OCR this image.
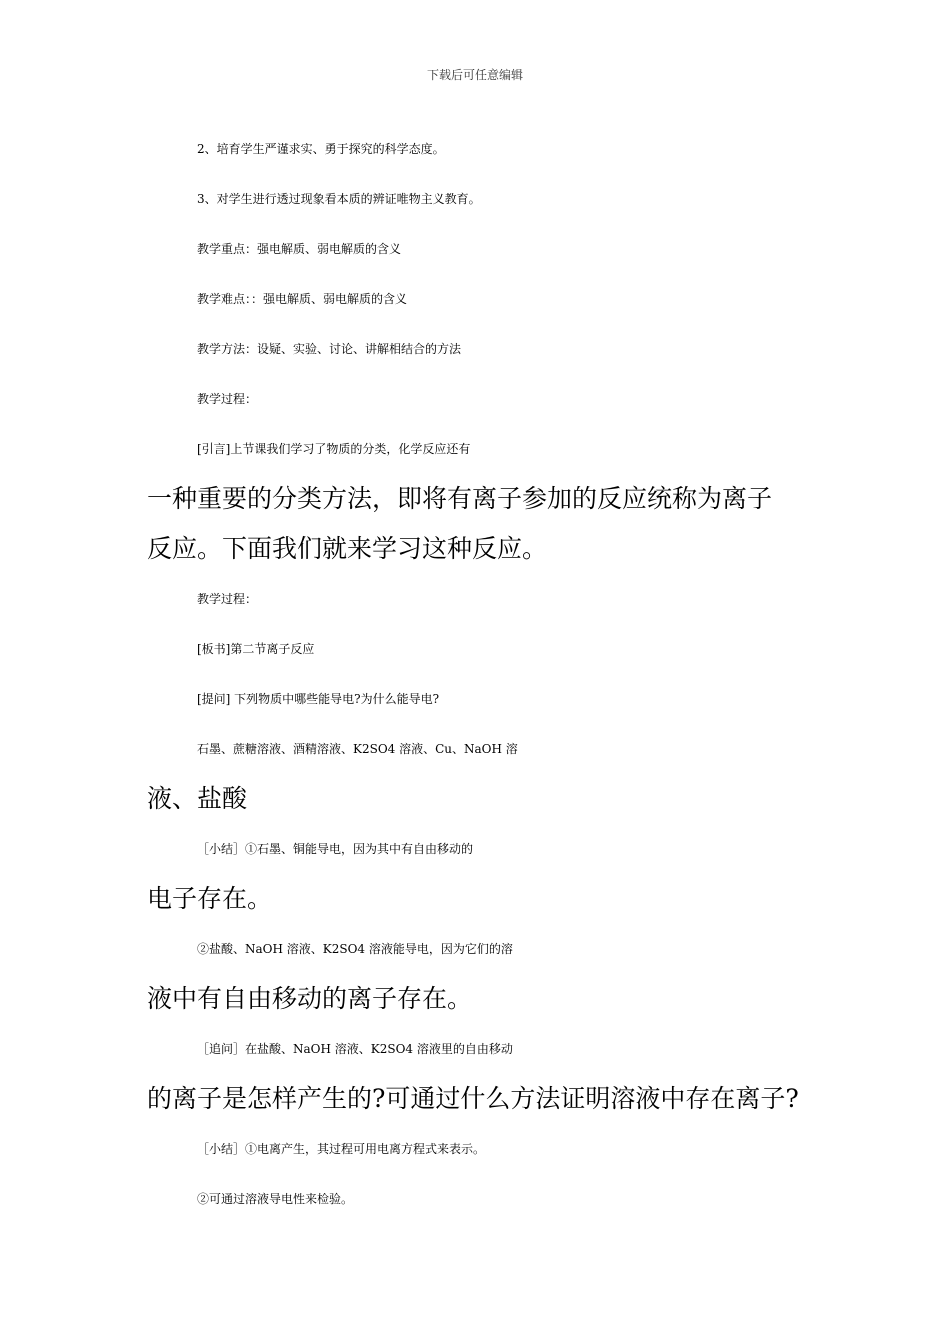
下载后可任意编辑
2、培育学生严谨求实、勇于探究的科学态度。
3、对学生进行透过现象看本质的辨证唯物主义教育。
教学重点：强电解质、弱电解质的含义
教学难点：：强电解质、弱电解质的含义
教学方法：设疑、实验、讨论、讲解相结合的方法
教学过程：
[引言]上节课我们学习了物质的分类，化学反应还有
一种重要的分类方法，即将有离子参加的反应统称为离子
反应。下面我们就来学习这种反应。
教学过程：
[板书]第二节离子反应
[提问] 下列物质中哪些能导电?为什么能导电?
石墨、蔗糖溶液、酒精溶液、K2SO4 溶液、Cu、NaOH 溶
液、盐酸
［小结］①石墨、铜能导电，因为其中有自由移动的
电子存在。
②盐酸、NaOH 溶液、K2SO4 溶液能导电，因为它们的溶
液中有自由移动的离子存在。
［追问］在盐酸、NaOH 溶液、K2SO4 溶液里的自由移动
的离子是怎样产生的?可通过什么方法证明溶液中存在离子?
［小结］①电离产生，其过程可用电离方程式来表示。
②可通过溶液导电性来检验。
